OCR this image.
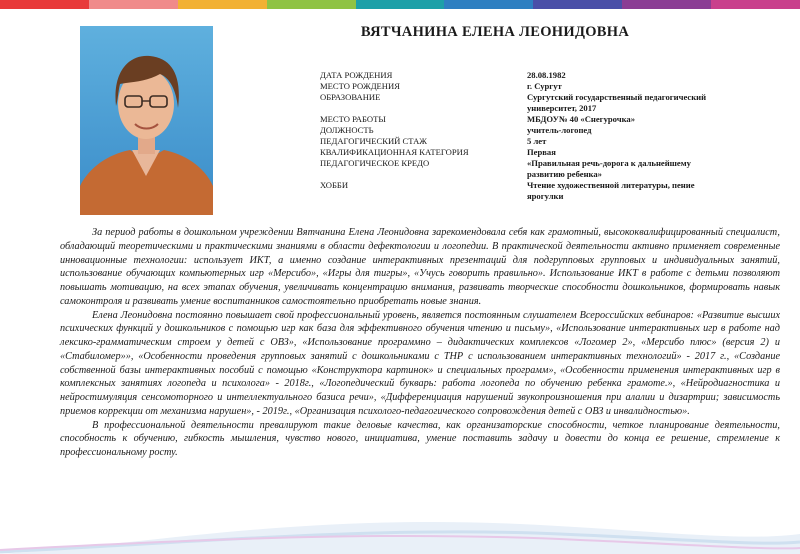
ВЯТЧАНИНА ЕЛЕНА ЛЕОНИДОВНА
ДАТА РОЖДЕНИЯ	28.08.1982
МЕСТО РОЖДЕНИЯ	г. Сургут
ОБРАЗОВАНИЕ	Сургутский государственный педагогический университет, 2017
МЕСТО РАБОТЫ	МБДОУ№ 40 «Снегурочка»
ДОЛЖНОСТЬ	учитель-логопед
ПЕДАГОГИЧЕСКИЙ СТАЖ	5 лет
КВАЛИФИКАЦИОННАЯ КАТЕГОРИЯ	Первая
ПЕДАГОГИЧЕСКОЕ КРЕДО	«Правильная речь-дорога к дальнейшему развитию ребенка»
ХОББИ	Чтение художественной литературы, пение ярогулки

За период работы в дошкольном учреждении Вятчанина Елена Леонидовна зарекомендовала себя как грамотный, высококвалифицированный специалист, обладающий теоретическими и практическими знаниями в области дефектологии и логопедии. В практической деятельности активно применяет современные инновационные технологии: использует ИКТ, а именно создание интерактивных презентаций для подгрупповых групповых и индивидуальных занятий, использование обучающих компьютерных игр «Мерсибо», «Игры для тигры», «Учусь говорить правильно». Использование ИКТ в работе с детьми позволяют повышать мотивацию, на всех этапах обучения, увеличивать концентрацию внимания, развивать творческие способности дошкольников, формировать навык самоконтроля и развивать умение воспитанников самостоятельно приобретать новые знания.

Елена Леонидовна постоянно повышает свой профессиональный уровень, является постоянным слушателем Всероссийских вебинаров: «Развитие высших психических функций у дошкольников с помощью игр как база для эффективного обучения чтению и письму», «Использование интерактивных игр в работе над лексико-грамматическим строем у детей с ОВЗ», «Использование программно – дидактических комплексов «Логомер 2», «Мерсибо плюс» (версия 2) и «Стабиломер»», «Особенности проведения групповых занятий с дошкольниками с ТНР с использованием интерактивных технологий» - 2017 г., «Создание собственной базы интерактивных пособий с помощью «Конструктора картинок» и специальных программ», «Особенности применения интерактивных игр в комплексных занятиях логопеда и психолога» - 2018г., «Логопедический букварь: работа логопеда по обучению ребенка грамоте.», «Нейродиагностика и нейростимуляция сенсомоторного и интеллектуального базиса речи», «Дифференциация нарушений звукопроизношения при алалии и дизартрии; зависимость приемов коррекции от механизма нарушен», - 2019г., «Организация психолого-педагогического сопровождения детей с ОВЗ и инвалидностью».

В профессиональной деятельности превалируют такие деловые качества, как организаторские способности, четкое планирование деятельности, способность к обучению, гибкость мышления, чувство нового, инициатива, умение поставить задачу и довести до конца ее решение, стремление к профессиональному росту.
